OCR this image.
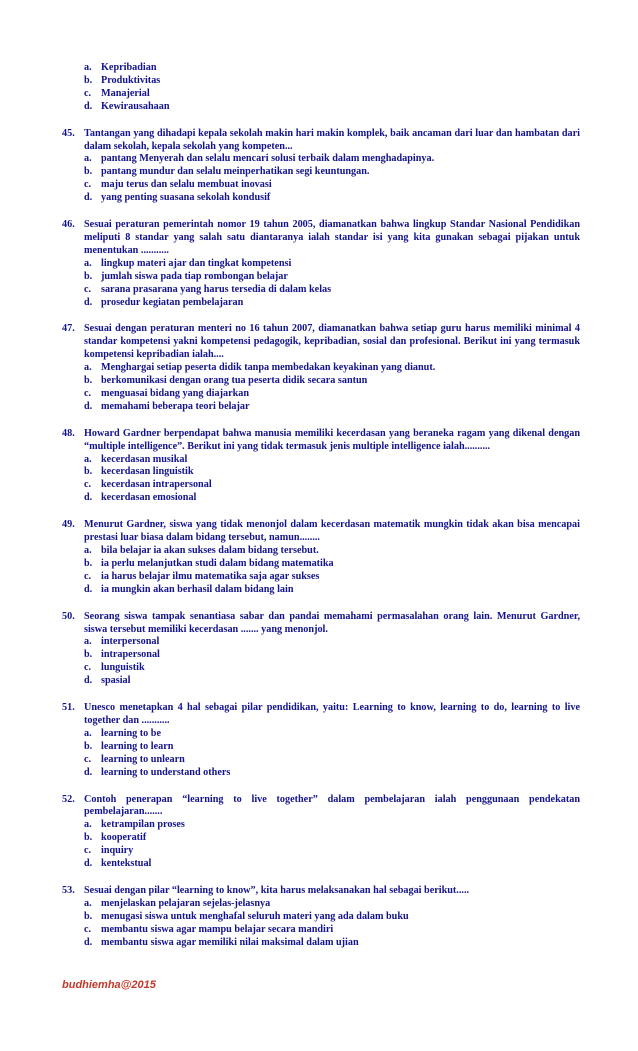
a. Kepribadian
b. Produktivitas
c. Manajerial
d. Kewirausahaan
45. Tantangan yang dihadapi kepala sekolah makin hari makin komplek, baik ancaman dari luar dan hambatan dari dalam sekolah, kepala sekolah yang kompeten...
a. pantang Menyerah dan selalu mencari solusi terbaik dalam menghadapinya.
b. pantang mundur dan selalu meinperhatikan segi keuntungan.
c. maju terus dan selalu membuat inovasi
d. yang penting suasana sekolah kondusif
46. Sesuai peraturan pemerintah nomor 19 tahun 2005, diamanatkan bahwa lingkup Standar Nasional Pendidikan meliputi 8 standar yang salah satu diantaranya ialah standar isi yang kita gunakan sebagai pijakan untuk menentukan ...........
a. lingkup materi ajar dan tingkat kompetensi
b. jumlah siswa pada tiap rombongan belajar
c. sarana prasarana yang harus tersedia di dalam kelas
d. prosedur kegiatan pembelajaran
47. Sesuai dengan peraturan menteri no 16 tahun 2007, diamanatkan bahwa setiap guru harus memiliki minimal 4 standar kompetensi yakni kompetensi pedagogik, kepribadian, sosial dan profesional. Berikut ini yang termasuk kompetensi kepribadian ialah....
a. Menghargai setiap peserta didik tanpa membedakan keyakinan yang dianut.
b. berkomunikasi dengan orang tua peserta didik secara santun
c. menguasai bidang yang diajarkan
d. memahami beberapa teori belajar
48. Howard Gardner berpendapat bahwa manusia memiliki kecerdasan yang beraneka ragam yang dikenal dengan “multiple intelligence”. Berikut ini yang tidak termasuk jenis multiple intelligence ialah..........
a. kecerdasan musikal
b. kecerdasan linguistik
c. kecerdasan intrapersonal
d. kecerdasan emosional
49. Menurut Gardner, siswa yang tidak menonjol dalam kecerdasan matematik mungkin tidak akan bisa mencapai prestasi luar biasa dalam bidang tersebut, namun........
a. bila belajar ia akan sukses dalam bidang tersebut.
b. ia perlu melanjutkan studi dalam bidang matematika
c. ia harus belajar ilmu matematika saja agar sukses
d. ia mungkin akan berhasil dalam bidang lain
50. Seorang siswa tampak senantiasa sabar dan pandai memahami permasalahan orang lain. Menurut Gardner, siswa tersebut memiliki kecerdasan ....... yang menonjol.
a. interpersonal
b. intrapersonal
c. lunguistik
d. spasial
51. Unesco menetapkan 4 hal sebagai pilar pendidikan, yaitu: Learning to know, learning to do, learning to live together dan ...........
a. learning to be
b. learning to learn
c. learning to unlearn
d. learning to understand others
52. Contoh penerapan “learning to live together” dalam pembelajaran ialah penggunaan pendekatan pembelajaran.......
a. ketrampilan proses
b. kooperatif
c. inquiry
d. kentekstual
53. Sesuai dengan pilar “learning to know”, kita harus melaksanakan hal sebagai berikut.....
a. menjelaskan pelajaran sejelas-jelasnya
b. menugasi siswa untuk menghafal seluruh materi yang ada dalam buku
c. membantu siswa agar mampu belajar secara mandiri
d. membantu siswa agar memiliki nilai maksimal dalam ujian
budhiemha@2015
